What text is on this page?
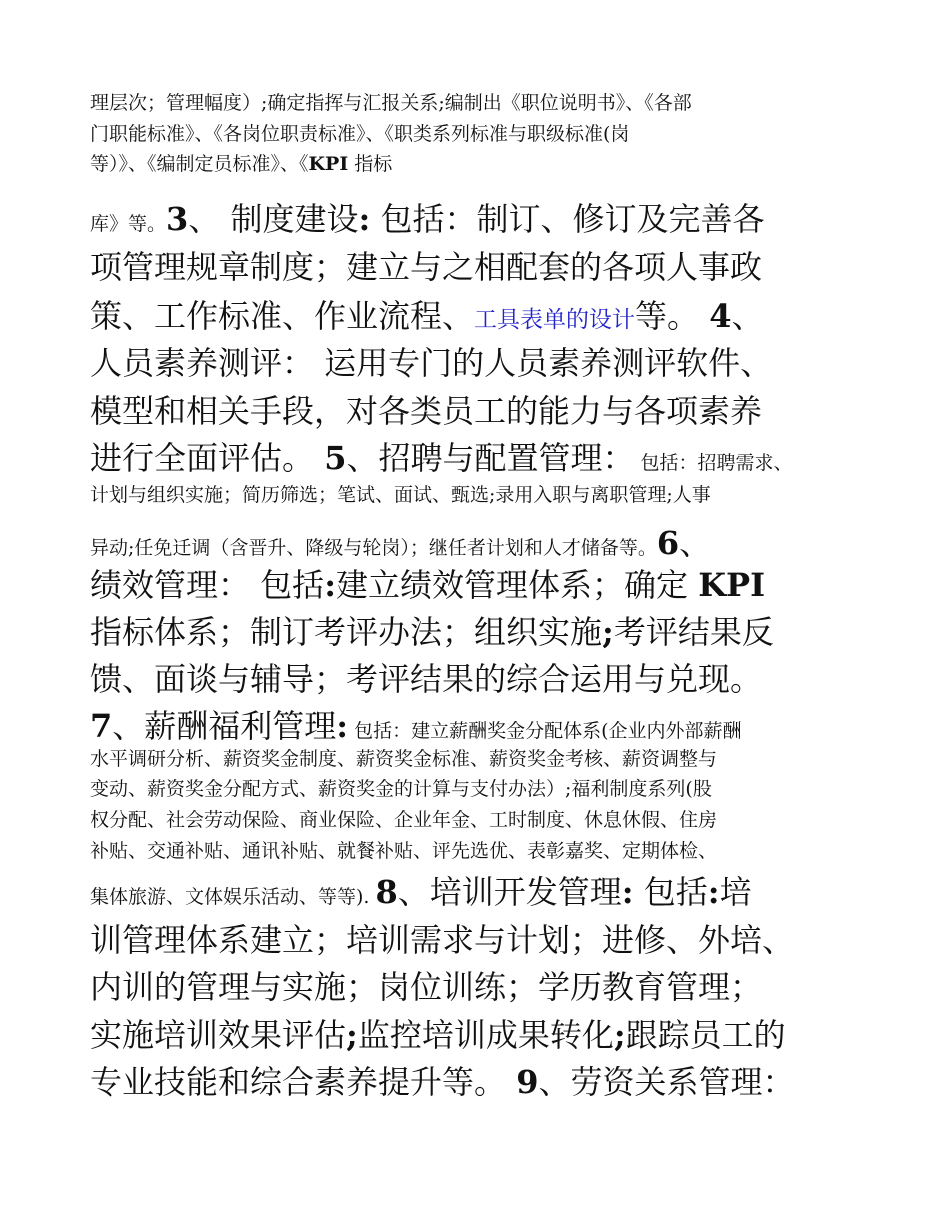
理层次；管理幅度）;确定指挥与汇报关系;编制出《职位说明书》、《各部

门职能标准》、《各岗位职责标准》、《职类系列标准与职级标准(岗

等）》、《编制定员标准》、《KPI 指标

库》等。3、 制度建设: 包括：制订、修订及完善各

项管理规章制度；建立与之相配套的各项人事政

策、工作标准、作业流程、工具表单的设计等。 4、

人员素养测评： 运用专门的人员素养测评软件、

模型和相关手段，对各类员工的能力与各项素养

进行全面评估。 5、招聘与配置管理： 包括：招聘需求、

计划与组织实施；简历筛选；笔试、面试、甄选;录用入职与离职管理;人事

异动;任免迁调（含晋升、降级与轮岗）；继任者计划和人才储备等。6、

绩效管理： 包括:建立绩效管理体系；确定 KPI

指标体系；制订考评办法；组织实施;考评结果反

馈、面谈与辅导；考评结果的综合运用与兑现。

7、薪酬福利管理: 包括：建立薪酬奖金分配体系(企业内外部薪酬

水平调研分析、薪资奖金制度、薪资奖金标准、薪资奖金考核、薪资调整与

变动、薪资奖金分配方式、薪资奖金的计算与支付办法）;福利制度系列(股

权分配、社会劳动保险、商业保险、企业年金、工时制度、休息休假、住房

补贴、交通补贴、通讯补贴、就餐补贴、评先选优、表彰嘉奖、定期体检、

集体旅游、文体娱乐活动、等等). 8、培训开发管理: 包括:培

训管理体系建立；培训需求与计划；进修、外培、

内训的管理与实施；岗位训练；学历教育管理；

实施培训效果评估;监控培训成果转化;跟踪员工的

专业技能和综合素养提升等。 9、劳资关系管理：
